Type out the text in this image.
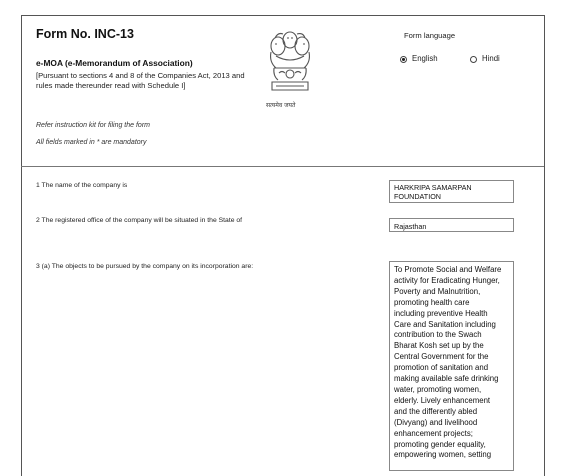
Form No. INC-13
e-MOA (e-Memorandum of Association)
[Pursuant to sections 4 and 8 of the Companies Act, 2013 and rules made thereunder read with Schedule I]
Refer instruction kit for filing the form
All fields marked in * are mandatory
सत्यमेव जयते
Form language
English	Hindi
1 The name of the company is	HARKRIPA SAMARPAN FOUNDATION
2 The registered office of the company will be situated in the State of
Rajasthan
3 (a) The objects to be pursued by the company on its incorporation are:	To Promote Social and Welfare
activity for Eradicating Hunger,
Poverty and Malnutrition,
promoting health care
including preventive Health
Care and Sanitation including
contribution to the Swach
Bharat Kosh set up by the
Central Government for the
promotion of sanitation and
making available safe drinking
water, promoting women,
elderly. Lively enhancement
and the differently abled
(Divyang) and livelihood
enhancement projects;
promoting gender equality,
empowering women, setting
